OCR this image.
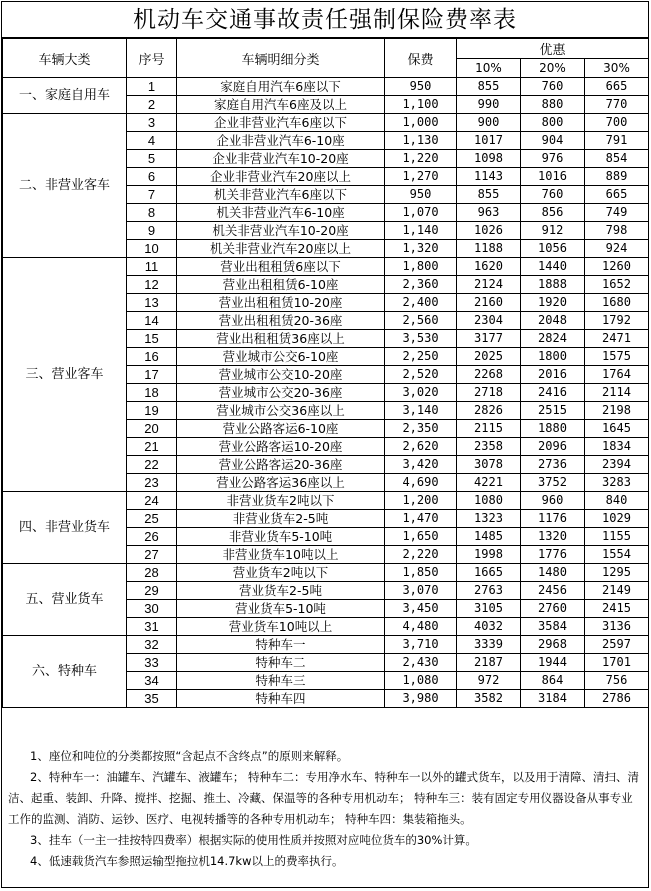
机动车交通事故责任强制保险费率表
车辆大类	序号	车辆明细分类	保费	优惠		
				10%	20%	30%
一、家庭自用车	1	家庭自用汽车6座以下	950	855	760	665
	2	家庭自用汽车6座及以上	1,100	990	880	770
二、非营业客车	3	企业非营业汽车6座以下	1,000	900	800	700
	4	企业非营业汽车6-10座	1,130	1017	904	791
	5	企业非营业汽车10-20座	1,220	1098	976	854
	6	企业非营业汽车20座以上	1,270	1143	1016	889
	7	机关非营业汽车6座以下	950	855	760	665
	8	机关非营业汽车6-10座	1,070	963	856	749
	9	机关非营业汽车10-20座	1,140	1026	912	798
	10	机关非营业汽车20座以上	1,320	1188	1056	924
三、营业客车	11	营业出租租赁6座以下	1,800	1620	1440	1260
	12	营业出租租赁6-10座	2,360	2124	1888	1652
	13	营业出租租赁10-20座	2,400	2160	1920	1680
	14	营业出租租赁20-36座	2,560	2304	2048	1792
	15	营业出租租赁36座以上	3,530	3177	2824	2471
	16	营业城市公交6-10座	2,250	2025	1800	1575
	17	营业城市公交10-20座	2,520	2268	2016	1764
	18	营业城市公交20-36座	3,020	2718	2416	2114
	19	营业城市公交36座以上	3,140	2826	2515	2198
	20	营业公路客运6-10座	2,350	2115	1880	1645
	21	营业公路客运10-20座	2,620	2358	2096	1834
	22	营业公路客运20-36座	3,420	3078	2736	2394
	23	营业公路客运36座以上	4,690	4221	3752	3283
四、非营业货车	24	非营业货车2吨以下	1,200	1080	960	840
	25	非营业货车2-5吨	1,470	1323	1176	1029
	26	非营业货车5-10吨	1,650	1485	1320	1155
	27	非营业货车10吨以上	2,220	1998	1776	1554
五、营业货车	28	营业货车2吨以下	1,850	1665	1480	1295
	29	营业货车2-5吨	3,070	2763	2456	2149
	30	营业货车5-10吨	3,450	3105	2760	2415
	31	营业货车10吨以上	4,480	4032	3584	3136
六、特种车	32	特种车一	3,710	3339	2968	2597
	33	特种车二	2,430	2187	1944	1701
	34	特种车三	1,080	972	864	756
	35	特种车四	3,980	3582	3184	2786

1、座位和吨位的分类都按照“含起点不含终点”的原则来解释。

2、特种车一：油罐车、汽罐车、液罐车； 特种车二：专用净水车、特种车一以外的罐式货车，以及用于清障、清扫、清洁、起重、装卸、升降、搅拌、挖掘、推土、冷藏、保温等的各种专用机动车； 特种车三：装有固定专用仪器设备从事专业工作的监测、消防、运钞、医疗、电视转播等的各种专用机动车； 特种车四：集装箱拖头。

3、挂车（一主一挂按特四费率）根据实际的使用性质并按照对应吨位货车的30%计算。

4、低速载货汽车参照运输型拖拉机14.7kw以上的费率执行。
